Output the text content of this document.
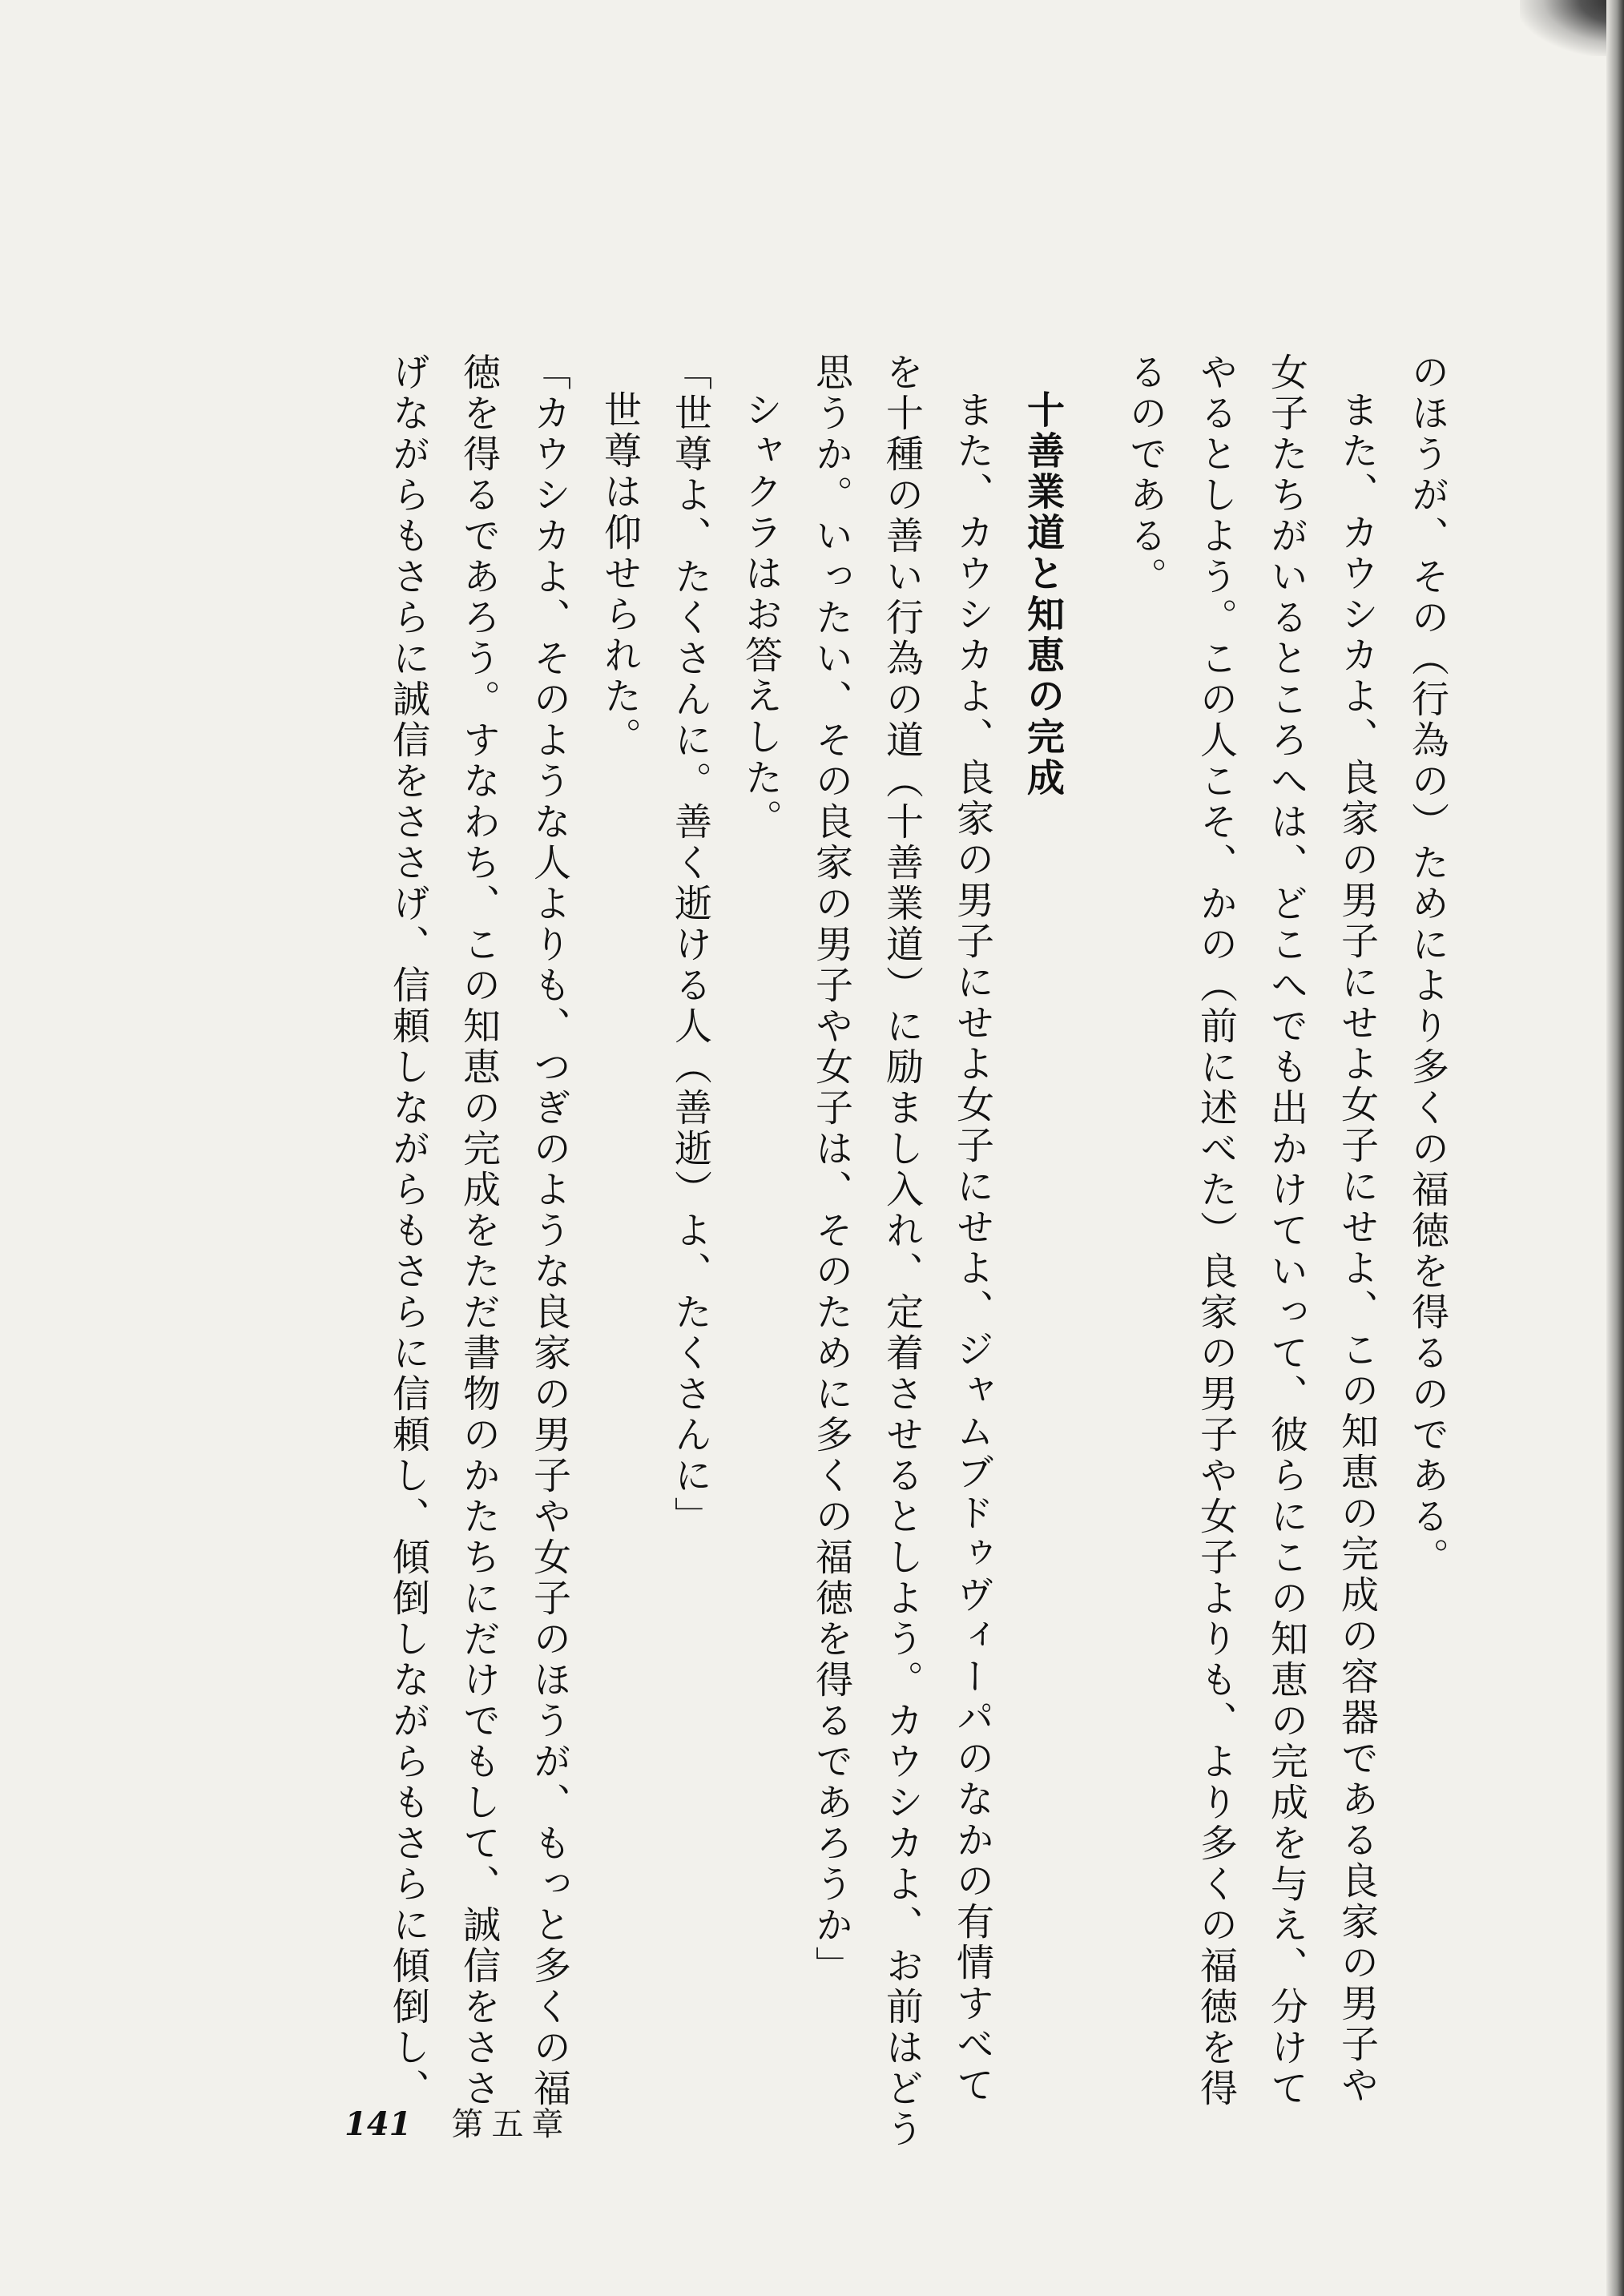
のほうが、その（行為の）ためにより多くの福徳を得るのである。

また、カウシカよ、良家の男子にせよ女子にせよ、この知恵の完成の容器である良家の男子や

女子たちがいるところへは、どこへでも出かけていって、彼らにこの知恵の完成を与え、分けて

やるとしよう。この人こそ、かの（前に述べた）良家の男子や女子よりも、より多くの福徳を得

るのである。

十善業道と知恵の完成

また、カウシカよ、良家の男子にせよ女子にせよ、ジャムブドゥヴィーパのなかの有情すべて

を十種の善い行為の道（十善業道）に励まし入れ、定着させるとしよう。カウシカよ、お前はどう

思うか。いったい、その良家の男子や女子は、そのために多くの福徳を得るであろうか」

シャクラはお答えした。

「世尊よ、たくさんに。善く逝ける人（善逝）よ、たくさんに」

世尊は仰せられた。

「カウシカよ、そのような人よりも、つぎのような良家の男子や女子のほうが、もっと多くの福

徳を得るであろう。すなわち、この知恵の完成をただ書物のかたちにだけでもして、誠信をささ

げながらもさらに誠信をささげ、信頼しながらもさらに信頼し、傾倒しながらもさらに傾倒し、

141 第五章
